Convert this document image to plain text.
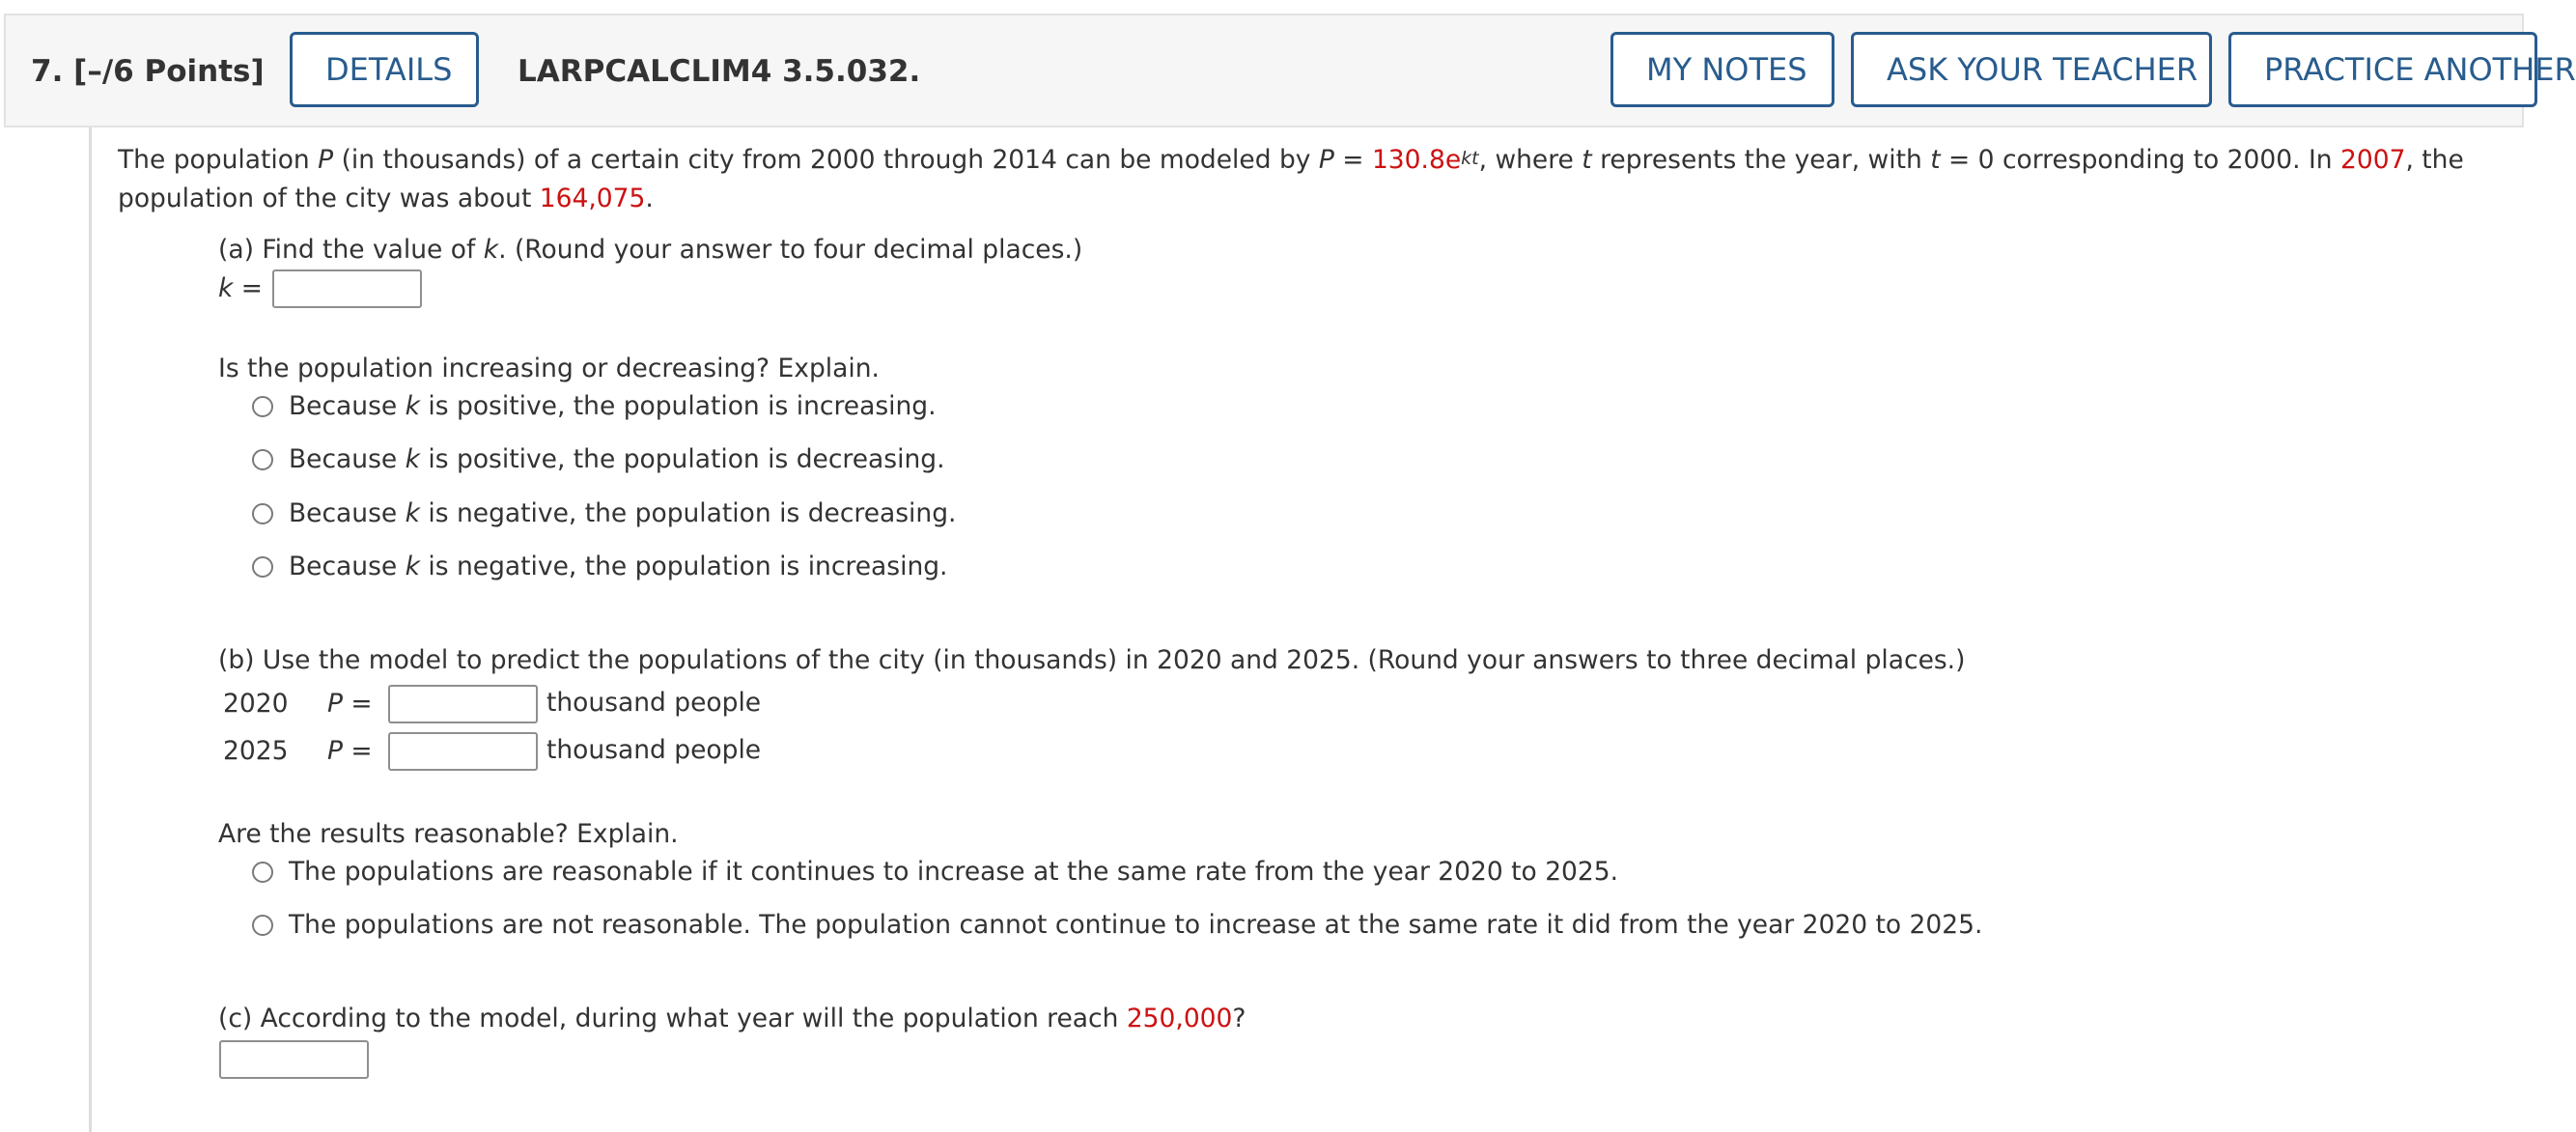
7. [–/6 Points]	DETAILS	LARPCALCLIM4 3.5.032.	MY NOTES	ASK YOUR TEACHER	PRACTICE ANOTHER
The population P (in thousands) of a certain city from 2000 through 2014 can be modeled by $P = 130.8e^{kt}$, where t represents the year, with t = 0 corresponding to 2000. In 2007, the
population of the city was about 164,075.
(a) Find the value of k. (Round your answer to four decimal places.)
k =
Is the population increasing or decreasing? Explain.
Because k is positive, the population is increasing.
Because k is positive, the population is decreasing.
Because k is negative, the population is decreasing.
Because k is negative, the population is increasing.
(b) Use the model to predict the populations of the city (in thousands) in 2020 and 2025. (Round your answers to three decimal places.)
2020 P =	thousand people
2025 P =	thousand people
Are the results reasonable? Explain.
The populations are reasonable if it continues to increase at the same rate from the year 2020 to 2025.
The populations are not reasonable. The population cannot continue to increase at the same rate it did from the year 2020 to 2025.
(c) According to the model, during what year will the population reach 250,000?
